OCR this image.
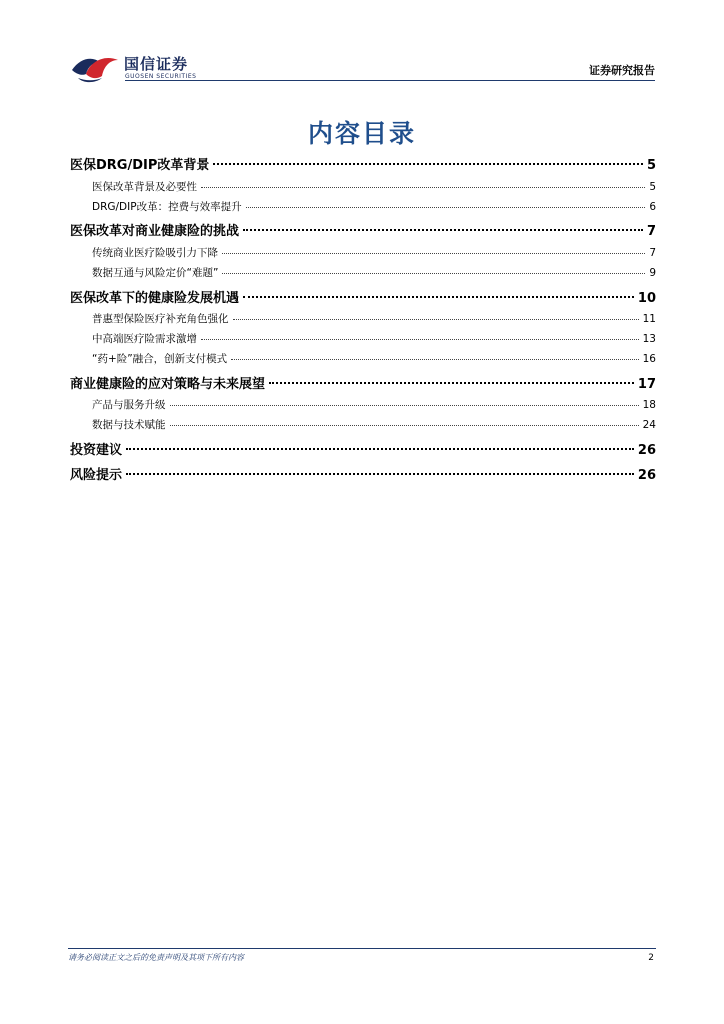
国信证券
GUOSEN SECURITIES	证券研究报告
内容目录
医保DRG/DIP改革背景	5
医保改革背景及必要性	5
DRG/DIP改革：控费与效率提升	6
医保改革对商业健康险的挑战	7
传统商业医疗险吸引力下降	7
数据互通与风险定价“难题”	9
医保改革下的健康险发展机遇	10
普惠型保险医疗补充角色强化	11
中高端医疗险需求激增	13
“药+险”融合，创新支付模式	16
商业健康险的应对策略与未来展望	17
产品与服务升级	18
数据与技术赋能	24
投资建议	26
风险提示	26
请务必阅读正文之后的免责声明及其项下所有内容	2
